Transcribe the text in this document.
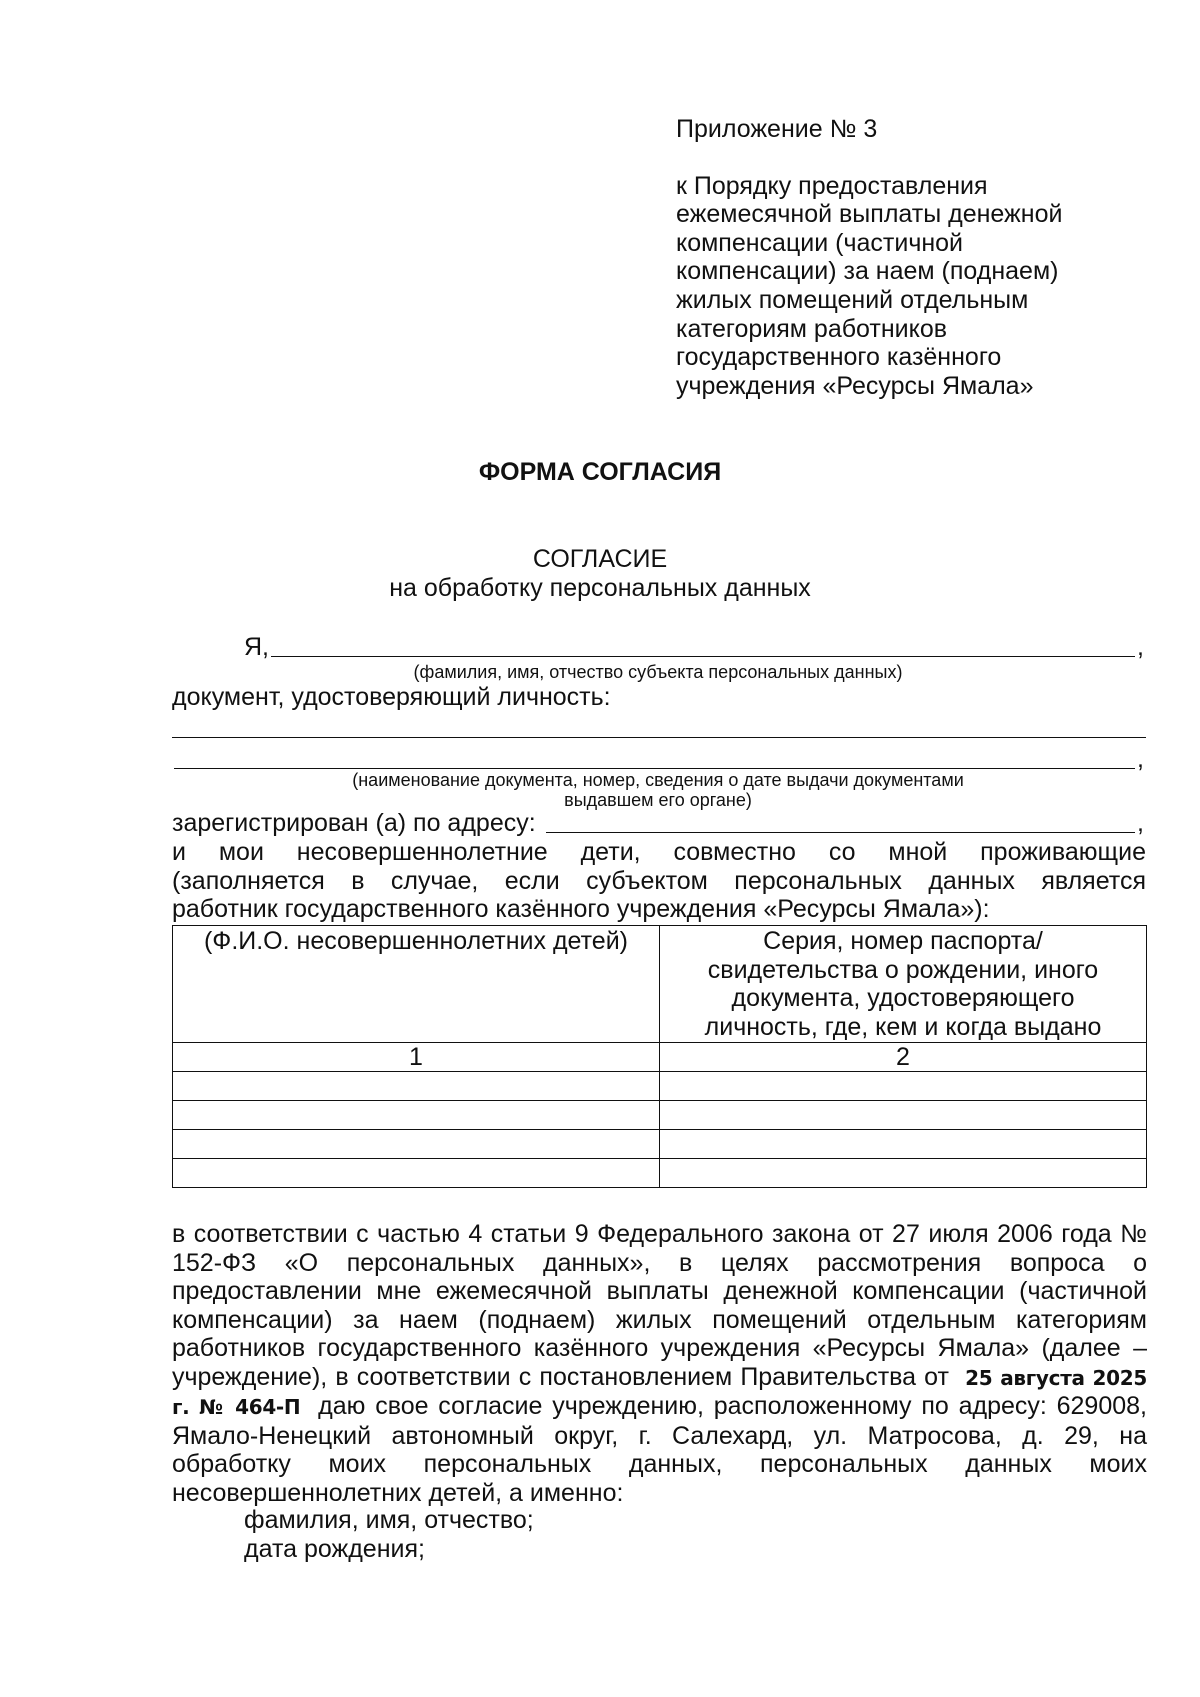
Приложение № 3
к Порядку предоставления
ежемесячной выплаты денежной
компенсации (частичной
компенсации) за наем (поднаем)
жилых помещений отдельным
категориям работников
государственного казённого
учреждения «Ресурсы Ямала»
ФОРМА СОГЛАСИЯ
СОГЛАСИЕ
на обработку персональных данных
Я,	,
(фамилия, имя, отчество субъекта персональных данных)
документ, удостоверяющий личность:
,
(наименование документа, номер, сведения о дате выдачи документами
выдавшем его органе)
зарегистрирован (а) по адресу:	,
и мои несовершеннолетние дети, совместно со мной проживающие
(заполняется в случае, если субъектом персональных данных является
работник государственного казённого учреждения «Ресурсы Ямала»):
(Ф.И.О. несовершеннолетних детей)	Серия, номер паспорта/ свидетельства о рождении, иного документа, удостоверяющего личность, где, кем и когда выдано
1	2

в соответствии с частью 4 статьи 9 Федерального закона от 27 июля 2006 года № 152-ФЗ «О персональных данных», в целях рассмотрения вопроса о предоставлении мне ежемесячной выплаты денежной компенсации (частичной компенсации) за наем (поднаем) жилых помещений отдельным категориям работников государственного казённого учреждения «Ресурсы Ямала» (далее – учреждение), в соответствии с постановлением Правительства от 25 августа 2025 г. № 464-П даю свое согласие учреждению, расположенному по адресу: 629008, Ямало-Ненецкий автономный округ, г. Салехард, ул. Матросова, д. 29, на обработку моих персональных данных, персональных данных моих несовершеннолетних детей, а именно:
фамилия, имя, отчество;
дата рождения;
